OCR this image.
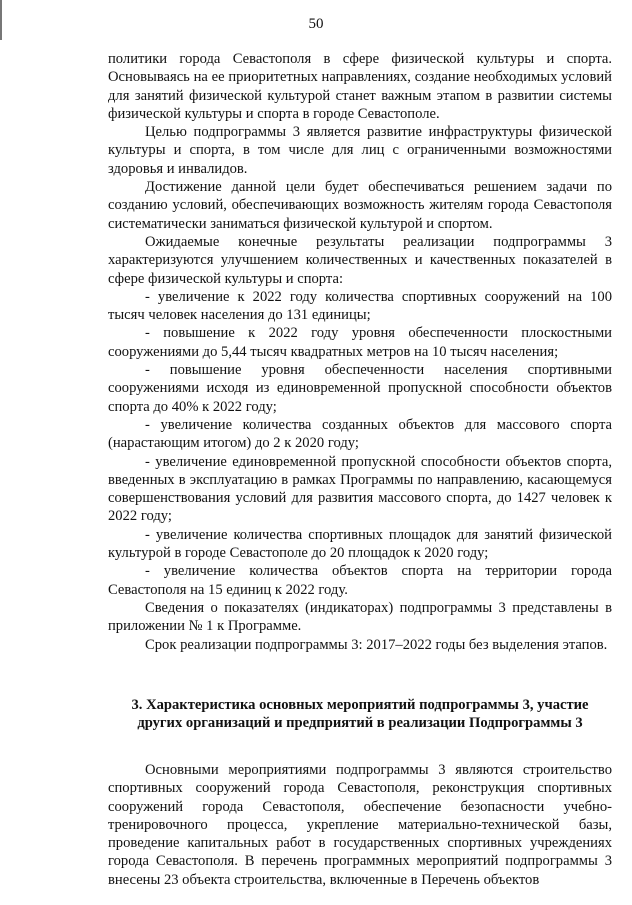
50

политики города Севастополя в сфере физической культуры и спорта. Основываясь на ее приоритетных направлениях, создание необходимых условий для занятий физической культурой станет важным этапом в развитии системы физической культуры и спорта в городе Севастополе.

Целью подпрограммы 3 является развитие инфраструктуры физической культуры и спорта, в том числе для лиц с ограниченными возможностями здоровья и инвалидов.

Достижение данной цели будет обеспечиваться решением задачи по созданию условий, обеспечивающих возможность жителям города Севастополя систематически заниматься физической культурой и спортом.

Ожидаемые конечные результаты реализации подпрограммы 3 характеризуются улучшением количественных и качественных показателей в сфере физической культуры и спорта:

- увеличение к 2022 году количества спортивных сооружений на 100 тысяч человек населения до 131 единицы;

- повышение к 2022 году уровня обеспеченности плоскостными сооружениями до 5,44 тысяч квадратных метров на 10 тысяч населения;

- повышение уровня обеспеченности населения спортивными сооружениями исходя из единовременной пропускной способности объектов спорта до 40% к 2022 году;

- увеличение количества созданных объектов для массового спорта (нарастающим итогом) до 2 к 2020 году;

- увеличение единовременной пропускной способности объектов спорта, введенных в эксплуатацию в рамках Программы по направлению, касающемуся совершенствования условий для развития массового спорта, до 1427 человек к 2022 году;

- увеличение количества спортивных площадок для занятий физической культурой в городе Севастополе до 20 площадок к 2020 году;

- увеличение количества объектов спорта на территории города Севастополя на 15 единиц к 2022 году.

Сведения о показателях (индикаторах) подпрограммы 3 представлены в приложении № 1 к Программе.

Срок реализации подпрограммы 3: 2017–2022 годы без выделения этапов.

3. Характеристика основных мероприятий подпрограммы 3, участие других организаций и предприятий в реализации Подпрограммы 3

Основными мероприятиями подпрограммы 3 являются строительство спортивных сооружений города Севастополя, реконструкция спортивных сооружений города Севастополя, обеспечение безопасности учебно-тренировочного процесса, укрепление материально-технической базы, проведение капитальных работ в государственных спортивных учреждениях города Севастополя. В перечень программных мероприятий подпрограммы 3 внесены 23 объекта строительства, включенные в Перечень объектов
